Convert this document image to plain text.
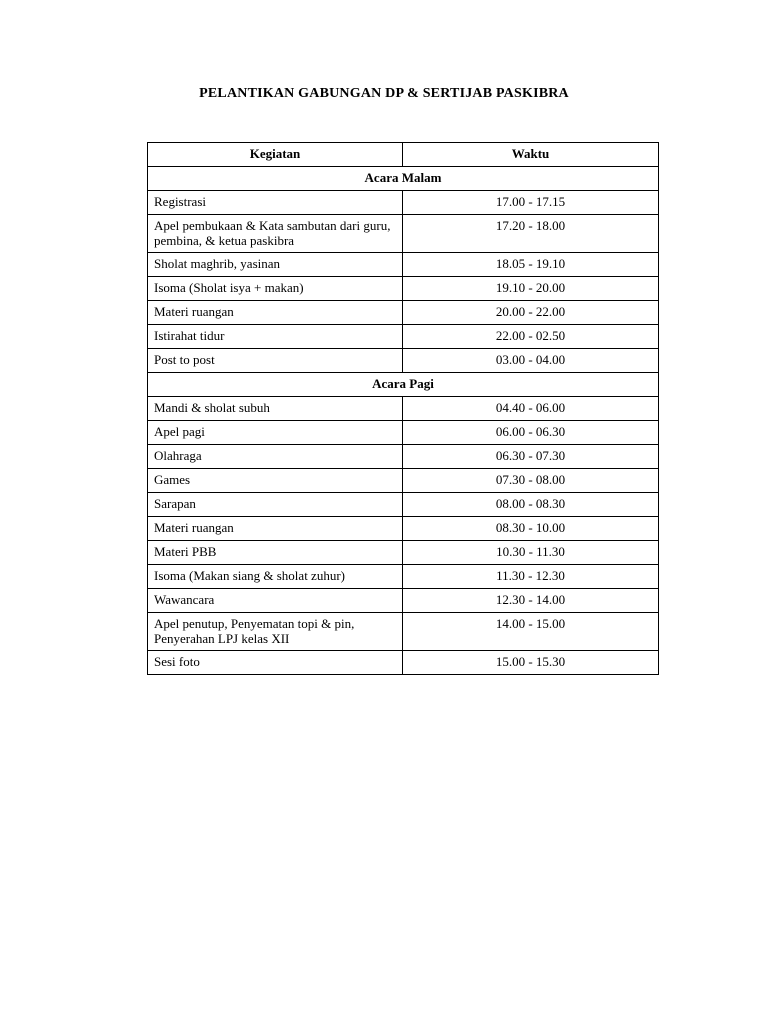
PELANTIKAN GABUNGAN DP & SERTIJAB PASKIBRA
Kegiatan	Waktu
Acara Malam	
Registrasi	17.00 - 17.15
Apel pembukaan & Kata sambutan dari guru, pembina, & ketua paskibra	17.20 - 18.00
Sholat maghrib, yasinan	18.05 - 19.10
Isoma (Sholat isya + makan)	19.10 - 20.00
Materi ruangan	20.00 - 22.00
Istirahat tidur	22.00 - 02.50
Post to post	03.00 - 04.00
Acara Pagi	
Mandi & sholat subuh	04.40 - 06.00
Apel pagi	06.00 - 06.30
Olahraga	06.30 - 07.30
Games	07.30 - 08.00
Sarapan	08.00 - 08.30
Materi ruangan	08.30 - 10.00
Materi PBB	10.30 - 11.30
Isoma (Makan siang & sholat zuhur)	11.30 - 12.30
Wawancara	12.30 - 14.00
Apel penutup, Penyematan topi & pin, Penyerahan LPJ kelas XII	14.00 - 15.00
Sesi foto	15.00 - 15.30
